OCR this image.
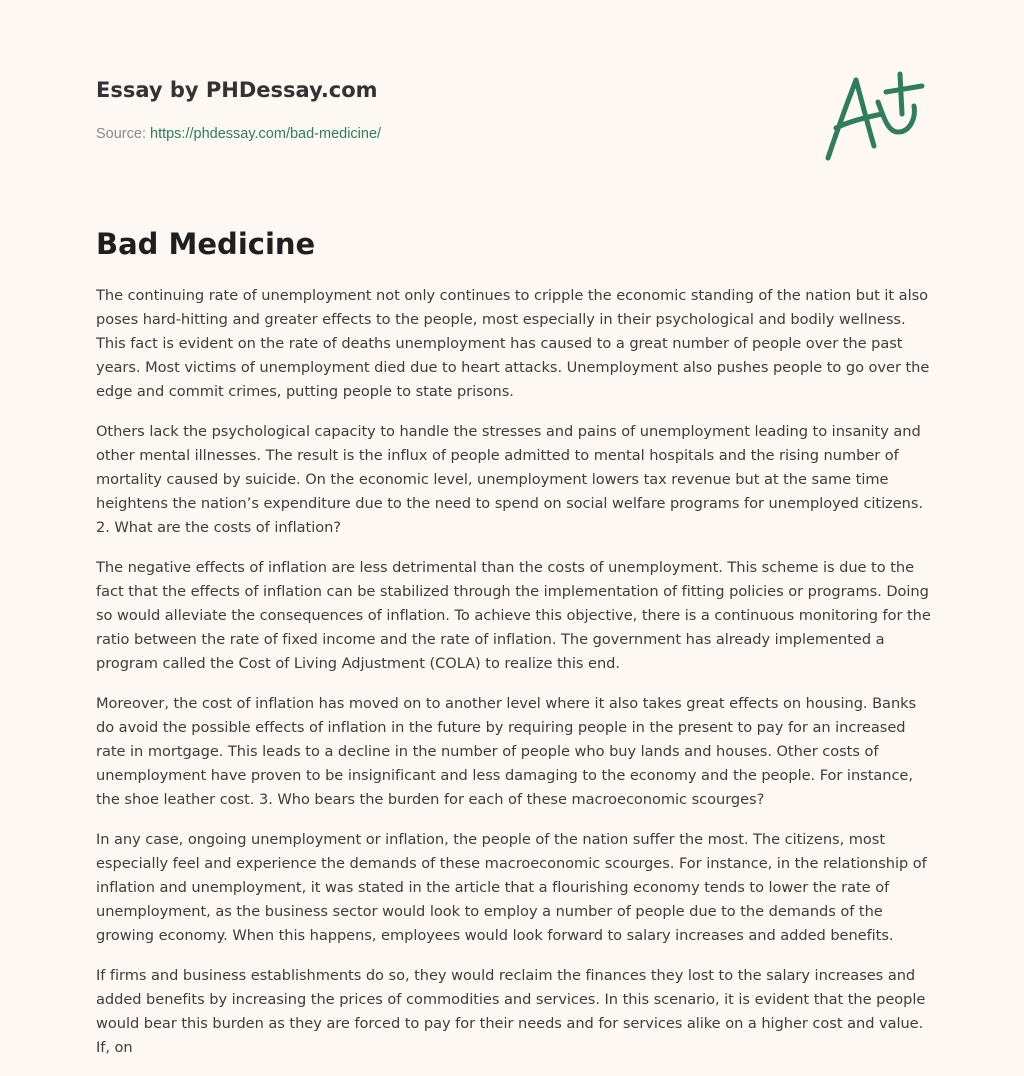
Essay by PHDessay.com
Source: https://phdessay.com/bad-medicine/
Bad Medicine

The continuing rate of unemployment not only continues to cripple the economic standing of the nation but it also poses hard-hitting and greater effects to the people, most especially in their psychological and bodily wellness. This fact is evident on the rate of deaths unemployment has caused to a great number of people over the past years. Most victims of unemployment died due to heart attacks. Unemployment also pushes people to go over the edge and commit crimes, putting people to state prisons.

Others lack the psychological capacity to handle the stresses and pains of unemployment leading to insanity and other mental illnesses. The result is the influx of people admitted to mental hospitals and the rising number of mortality caused by suicide. On the economic level, unemployment lowers tax revenue but at the same time heightens the nation’s expenditure due to the need to spend on social welfare programs for unemployed citizens. 2. What are the costs of inflation?

The negative effects of inflation are less detrimental than the costs of unemployment. This scheme is due to the fact that the effects of inflation can be stabilized through the implementation of fitting policies or programs. Doing so would alleviate the consequences of inflation. To achieve this objective, there is a continuous monitoring for the ratio between the rate of fixed income and the rate of inflation. The government has already implemented a program called the Cost of Living Adjustment (COLA) to realize this end.

Moreover, the cost of inflation has moved on to another level where it also takes great effects on housing. Banks do avoid the possible effects of inflation in the future by requiring people in the present to pay for an increased rate in mortgage. This leads to a decline in the number of people who buy lands and houses. Other costs of unemployment have proven to be insignificant and less damaging to the economy and the people. For instance, the shoe leather cost. 3. Who bears the burden for each of these macroeconomic scourges?

In any case, ongoing unemployment or inflation, the people of the nation suffer the most. The citizens, most especially feel and experience the demands of these macroeconomic scourges. For instance, in the relationship of inflation and unemployment, it was stated in the article that a flourishing economy tends to lower the rate of unemployment, as the business sector would look to employ a number of people due to the demands of the growing economy. When this happens, employees would look forward to salary increases and added benefits.

If firms and business establishments do so, they would reclaim the finances they lost to the salary increases and added benefits by increasing the prices of commodities and services. In this scenario, it is evident that the people would bear this burden as they are forced to pay for their needs and for services alike on a higher cost and value. If, on
